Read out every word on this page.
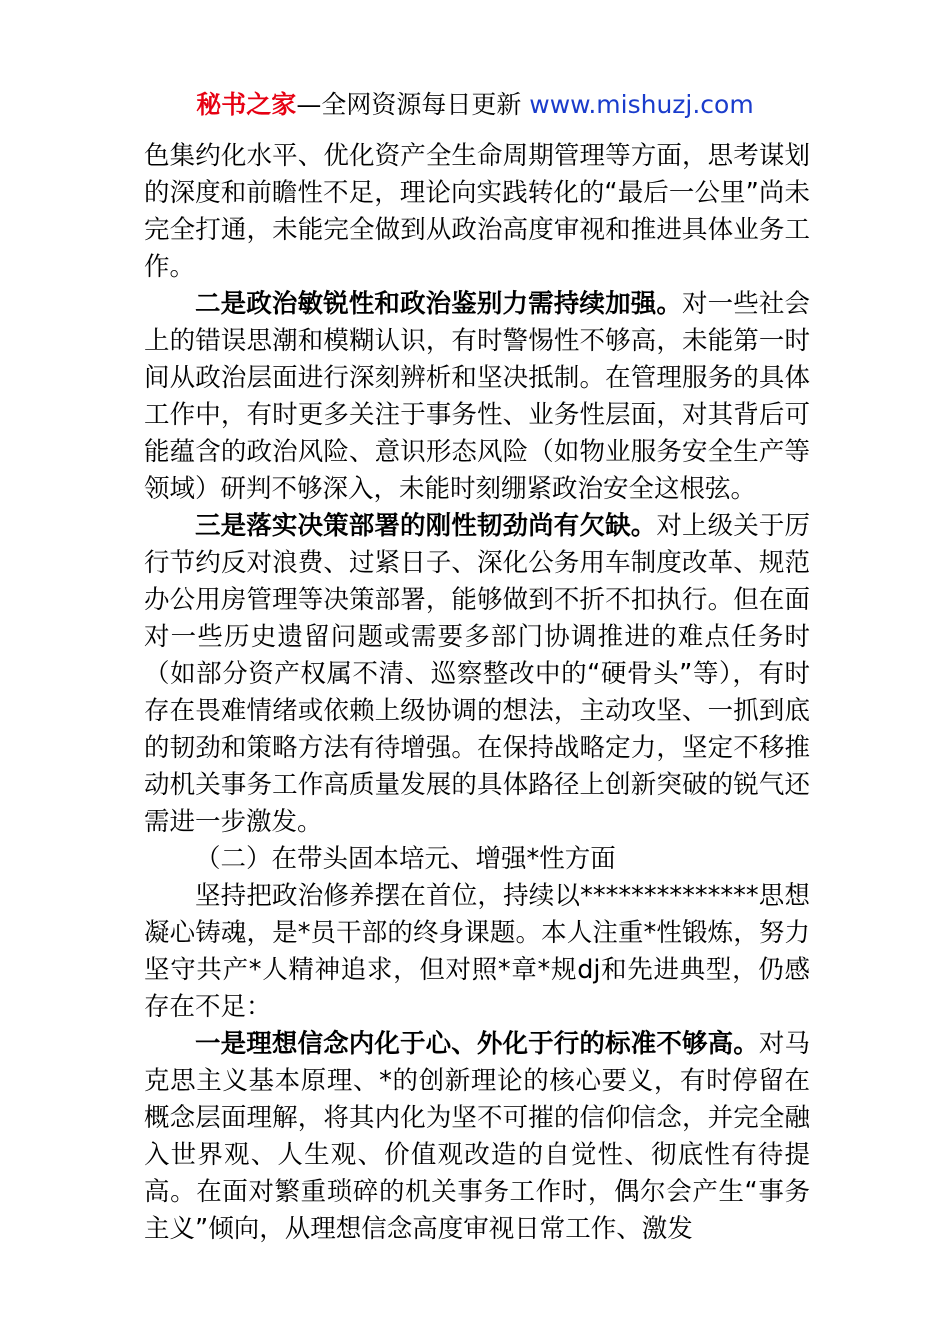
秘书之家—全网资源每日更新 www.mishuzj.com

色集约化水平、优化资产全生命周期管理等方面，思考谋划的深度和前瞻性不足，理论向实践转化的“最后一公里”尚未完全打通，未能完全做到从政治高度审视和推进具体业务工作。

二是政治敏锐性和政治鉴别力需持续加强。对一些社会上的错误思潮和模糊认识，有时警惕性不够高，未能第一时间从政治层面进行深刻辨析和坚决抵制。在管理服务的具体工作中，有时更多关注于事务性、业务性层面，对其背后可能蕴含的政治风险、意识形态风险（如物业服务安全生产等领域）研判不够深入，未能时刻绷紧政治安全这根弦。

三是落实决策部署的刚性韧劲尚有欠缺。对上级关于厉行节约反对浪费、过紧日子、深化公务用车制度改革、规范办公用房管理等决策部署，能够做到不折不扣执行。但在面对一些历史遗留问题或需要多部门协调推进的难点任务时（如部分资产权属不清、巡察整改中的“硬骨头”等），有时存在畏难情绪或依赖上级协调的想法，主动攻坚、一抓到底的韧劲和策略方法有待增强。在保持战略定力，坚定不移推动机关事务工作高质量发展的具体路径上创新突破的锐气还需进一步激发。

（二）在带头固本培元、增强*性方面

坚持把政治修养摆在首位，持续以**************思想凝心铸魂，是*员干部的终身课题。本人注重*性锻炼，努力坚守共产*人精神追求，但对照*章*规dj和先进典型，仍感存在不足：

一是理想信念内化于心、外化于行的标准不够高。对马克思主义基本原理、*的创新理论的核心要义，有时停留在概念层面理解，将其内化为坚不可摧的信仰信念，并完全融入世界观、人生观、价值观改造的自觉性、彻底性有待提高。在面对繁重琐碎的机关事务工作时，偶尔会产生“事务主义”倾向，从理想信念高度审视日常工作、激发
